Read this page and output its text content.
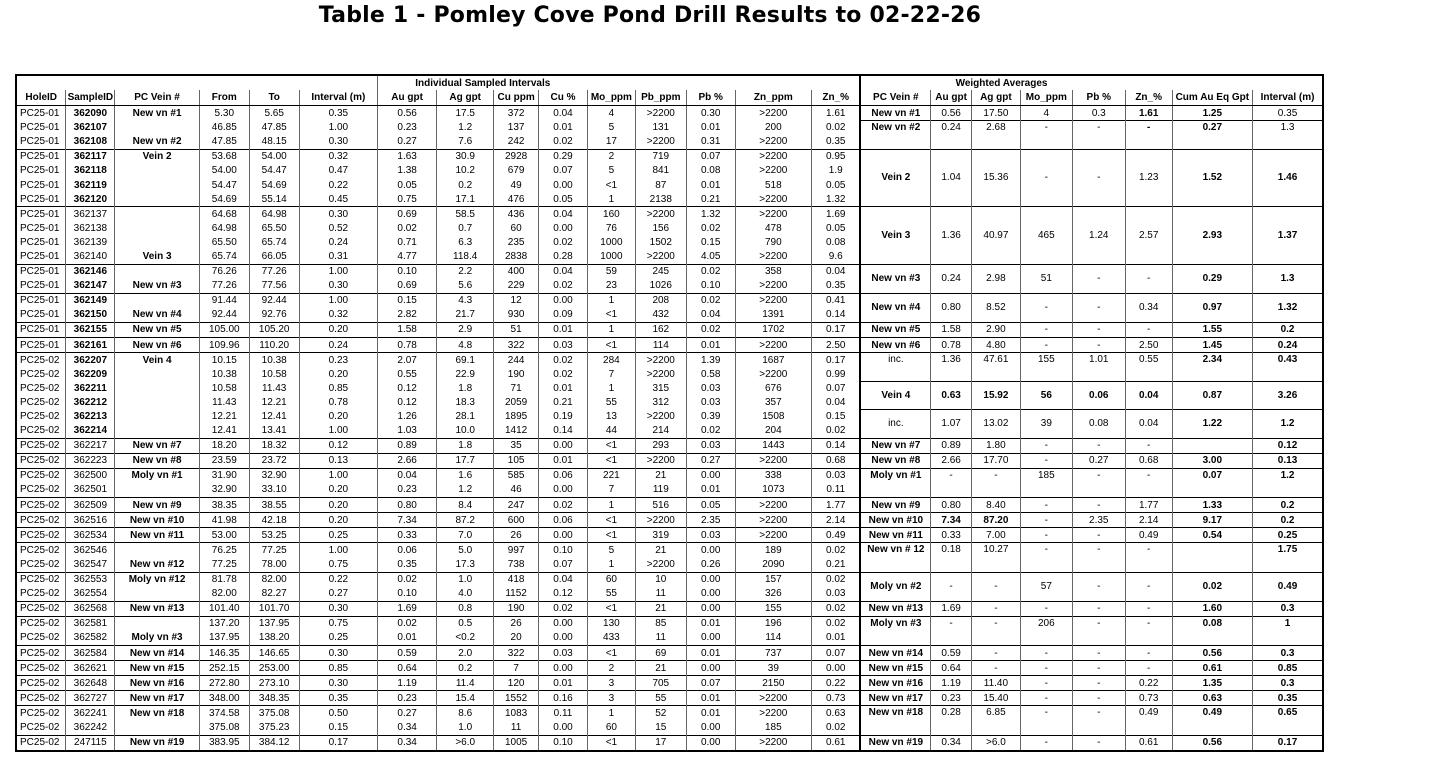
Table 1 - Pomley Cove Pond Drill Results to 02-22-26
						Individual Sampled Intervals										Weighted Averages						
HoleID	SampleID	PC Vein #	From	To	Interval (m)	Au gpt	Ag gpt	Cu ppm	Cu %	Mo_ppm	Pb_ppm	Pb %	Zn_ppm	Zn_%	PC Vein #	Au gpt	Ag gpt	Mo_ppm	Pb %	Zn_%	Cum Au Eq Gpt	Interval (m)
PC25-01	362090	New vn #1	5.30	5.65	0.35	0.56	17.5	372	0.04	4	>2200	0.30	>2200	1.61	New vn #1	0.56	17.50	4	0.3	1.61	1.25	0.35
PC25-01	362107		46.85	47.85	1.00	0.23	1.2	137	0.01	5	131	0.01	200	0.02	New vn #2	0.24	2.68	-	-	-	0.27	1.3
PC25-01	362108	New vn #2	47.85	48.15	0.30	0.27	7.6	242	0.02	17	>2200	0.31	>2200	0.35								
PC25-01	362117	Vein 2	53.68	54.00	0.32	1.63	30.9	2928	0.29	2	719	0.07	>2200	0.95	Vein 2	1.04	15.36	-	-	1.23	1.52	1.46
PC25-01	362118		54.00	54.47	0.47	1.38	10.2	679	0.07	5	841	0.08	>2200	1.9								
PC25-01	362119		54.47	54.69	0.22	0.05	0.2	49	0.00	<1	87	0.01	518	0.05								
PC25-01	362120		54.69	55.14	0.45	0.75	17.1	476	0.05	1	2138	0.21	>2200	1.32								
PC25-01	362137		64.68	64.98	0.30	0.69	58.5	436	0.04	160	>2200	1.32	>2200	1.69	Vein 3	1.36	40.97	465	1.24	2.57	2.93	1.37
PC25-01	362138		64.98	65.50	0.52	0.02	0.7	60	0.00	76	156	0.02	478	0.05								
PC25-01	362139		65.50	65.74	0.24	0.71	6.3	235	0.02	1000	1502	0.15	790	0.08								
PC25-01	362140	Vein 3	65.74	66.05	0.31	4.77	118.4	2838	0.28	1000	>2200	4.05	>2200	9.6								
PC25-01	362146		76.26	77.26	1.00	0.10	2.2	400	0.04	59	245	0.02	358	0.04	New vn #3	0.24	2.98	51	-	-	0.29	1.3
PC25-01	362147	New vn #3	77.26	77.56	0.30	0.69	5.6	229	0.02	23	1026	0.10	>2200	0.35								
PC25-01	362149		91.44	92.44	1.00	0.15	4.3	12	0.00	1	208	0.02	>2200	0.41	New vn #4	0.80	8.52	-	-	0.34	0.97	1.32
PC25-01	362150	New vn #4	92.44	92.76	0.32	2.82	21.7	930	0.09	<1	432	0.04	1391	0.14								
PC25-01	362155	New vn #5	105.00	105.20	0.20	1.58	2.9	51	0.01	1	162	0.02	1702	0.17	New vn #5	1.58	2.90	-	-	-	1.55	0.2
PC25-01	362161	New vn #6	109.96	110.20	0.24	0.78	4.8	322	0.03	<1	114	0.01	>2200	2.50	New vn #6	0.78	4.80	-	-	2.50	1.45	0.24
PC25-02	362207	Vein 4	10.15	10.38	0.23	2.07	69.1	244	0.02	284	>2200	1.39	1687	0.17	inc.	1.36	47.61	155	1.01	0.55	2.34	0.43
PC25-02	362209		10.38	10.58	0.20	0.55	22.9	190	0.02	7	>2200	0.58	>2200	0.99								
PC25-02	362211		10.58	11.43	0.85	0.12	1.8	71	0.01	1	315	0.03	676	0.07	Vein 4	0.63	15.92	56	0.06	0.04	0.87	3.26
PC25-02	362212		11.43	12.21	0.78	0.12	18.3	2059	0.21	55	312	0.03	357	0.04								
PC25-02	362213		12.21	12.41	0.20	1.26	28.1	1895	0.19	13	>2200	0.39	1508	0.15	inc.	1.07	13.02	39	0.08	0.04	1.22	1.2
PC25-02	362214		12.41	13.41	1.00	1.03	10.0	1412	0.14	44	214	0.02	204	0.02								
PC25-02	362217	New vn #7	18.20	18.32	0.12	0.89	1.8	35	0.00	<1	293	0.03	1443	0.14	New vn #7	0.89	1.80	-	-	-		0.12
PC25-02	362223	New vn #8	23.59	23.72	0.13	2.66	17.7	105	0.01	<1	>2200	0.27	>2200	0.68	New vn #8	2.66	17.70	-	0.27	0.68	3.00	0.13
PC25-02	362500	Moly vn #1	31.90	32.90	1.00	0.04	1.6	585	0.06	221	21	0.00	338	0.03	Moly vn #1	-	-	185	-	-	0.07	1.2
PC25-02	362501		32.90	33.10	0.20	0.23	1.2	46	0.00	7	119	0.01	1073	0.11								
PC25-02	362509	New vn #9	38.35	38.55	0.20	0.80	8.4	247	0.02	1	516	0.05	>2200	1.77	New vn #9	0.80	8.40	-	-	1.77	1.33	0.2
PC25-02	362516	New vn #10	41.98	42.18	0.20	7.34	87.2	600	0.06	<1	>2200	2.35	>2200	2.14	New vn #10	7.34	87.20	-	2.35	2.14	9.17	0.2
PC25-02	362534	New vn #11	53.00	53.25	0.25	0.33	7.0	26	0.00	<1	319	0.03	>2200	0.49	New vn #11	0.33	7.00	-	-	0.49	0.54	0.25
PC25-02	362546		76.25	77.25	1.00	0.06	5.0	997	0.10	5	21	0.00	189	0.02	New vn # 12	0.18	10.27	-	-	-		1.75
PC25-02	362547	New vn #12	77.25	78.00	0.75	0.35	17.3	738	0.07	1	>2200	0.26	2090	0.21								
PC25-02	362553	Moly vn #12	81.78	82.00	0.22	0.02	1.0	418	0.04	60	10	0.00	157	0.02	Moly vn #2	-	-	57	-	-	0.02	0.49
PC25-02	362554		82.00	82.27	0.27	0.10	4.0	1152	0.12	55	11	0.00	326	0.03								
PC25-02	362568	New vn #13	101.40	101.70	0.30	1.69	0.8	190	0.02	<1	21	0.00	155	0.02	New vn #13	1.69	-	-	-	-	1.60	0.3
PC25-02	362581		137.20	137.95	0.75	0.02	0.5	26	0.00	130	85	0.01	196	0.02	Moly vn #3	-	-	206	-	-	0.08	1
PC25-02	362582	Moly vn #3	137.95	138.20	0.25	0.01	<0.2	20	0.00	433	11	0.00	114	0.01								
PC25-02	362584	New vn #14	146.35	146.65	0.30	0.59	2.0	322	0.03	<1	69	0.01	737	0.07	New vn #14	0.59	-	-	-	-	0.56	0.3
PC25-02	362621	New vn #15	252.15	253.00	0.85	0.64	0.2	7	0.00	2	21	0.00	39	0.00	New vn #15	0.64	-	-	-	-	0.61	0.85
PC25-02	362648	New vn #16	272.80	273.10	0.30	1.19	11.4	120	0.01	3	705	0.07	2150	0.22	New vn #16	1.19	11.40	-	-	0.22	1.35	0.3
PC25-02	362727	New vn #17	348.00	348.35	0.35	0.23	15.4	1552	0.16	3	55	0.01	>2200	0.73	New vn #17	0.23	15.40	-	-	0.73	0.63	0.35
PC25-02	362241	New vn #18	374.58	375.08	0.50	0.27	8.6	1083	0.11	1	52	0.01	>2200	0.63	New vn #18	0.28	6.85	-	-	0.49	0.49	0.65
PC25-02	362242		375.08	375.23	0.15	0.34	1.0	11	0.00	60	15	0.00	185	0.02								
PC25-02	247115	New vn #19	383.95	384.12	0.17	0.34	>6.0	1005	0.10	<1	17	0.00	>2200	0.61	New vn #19	0.34	>6.0	-	-	0.61	0.56	0.17
